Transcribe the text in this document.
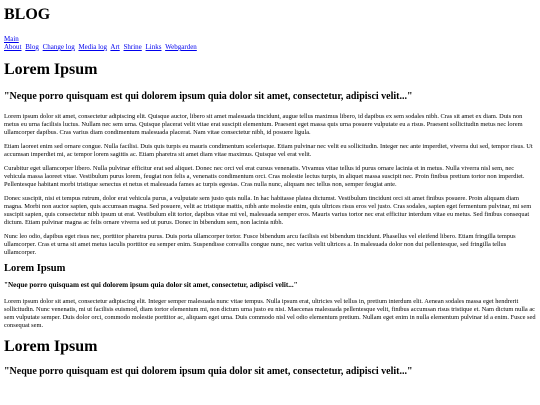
BLOG
Main
About Blog Change log Media log Art Shrine Links Webgarden
Lorem Ipsum
"Neque porro quisquam est qui dolorem ipsum quia dolor sit amet, consectetur, adipisci velit..."

Lorem ipsum dolor sit amet, consectetur adipiscing elit. Quisque auctor, libero sit amet malesuada tincidunt, augue tellus maximus libero, id dapibus ex sem sodales nibh. Cras sit amet ex diam. Duis non metus eu urna facilisis luctus. Nullam nec sem urna. Quisque placerat velit vitae erat suscipit elementum. Praesent eget massa quis urna posuere vulputate eu a risus. Praesent sollicitudin metus nec lorem ullamcorper dapibus. Cras varius diam condimentum malesuada placerat. Nam vitae consectetur nibh, id posuere ligula.

Etiam laoreet enim sed ornare congue. Nulla facilisi. Duis quis turpis eu mauris condimentum scelerisque. Etiam pulvinar nec velit eu sollicitudin. Integer nec ante imperdiet, viverra dui sed, tempor risus. Ut accumsan imperdiet mi, ac tempor lorem sagittis ac. Etiam pharetra sit amet diam vitae maximus. Quisque vel erat velit.

Curabitur eget ullamcorper libero. Nulla pulvinar efficitur erat sed aliquet. Donec nec orci vel erat cursus venenatis. Vivamus vitae tellus id purus ornare lacinia et in metus. Nulla viverra nisl sem, nec vehicula massa laoreet vitae. Vestibulum purus lorem, feugiat non felis a, venenatis condimentum orci. Cras molestie lectus turpis, in aliquet massa suscipit nec. Proin finibus pretium tortor non imperdiet. Pellentesque habitant morbi tristique senectus et netus et malesuada fames ac turpis egestas. Cras nulla nunc, aliquam nec tellus non, semper feugiat ante.

Donec suscipit, nisi et tempus rutrum, dolor erat vehicula purus, a vulputate sem justo quis nulla. In hac habitasse platea dictumst. Vestibulum tincidunt orci sit amet finibus posuere. Proin aliquam diam magna. Morbi non auctor sapien, quis accumsan magna. Sed posuere, velit ac tristique mattis, nibh ante molestie enim, quis ultrices risus eros vel justo. Cras sodales, sapien eget fermentum pulvinar, mi sem suscipit sapien, quis consectetur nibh ipsum ut erat. Vestibulum elit tortor, dapibus vitae mi vel, malesuada semper eros. Mauris varius tortor nec erat efficitur interdum vitae eu metus. Sed finibus consequat dictum. Etiam pulvinar magna ac felis ornare viverra sed ut purus. Donec in bibendum sem, non lacinia nibh.

Nunc leo odio, dapibus eget risus nec, porttitor pharetra purus. Duis porta ullamcorper tortor. Fusce bibendum arcu facilisis est bibendum tincidunt. Phasellus vel eleifend libero. Etiam fringilla tempus ullamcorper. Cras et urna sit amet metus iaculis porttitor eu semper enim. Suspendisse convallis congue nunc, nec varius velit ultrices a. In malesuada dolor non dui pellentesque, sed fringilla tellus ullamcorper.

Lorem Ipsum
"Neque porro quisquam est qui dolorem ipsum quia dolor sit amet, consectetur, adipisci velit..."

Lorem ipsum dolor sit amet, consectetur adipiscing elit. Integer semper malesuada nunc vitae tempus. Nulla ipsum erat, ultricies vel tellus in, pretium interdum elit. Aenean sodales massa eget hendrerit sollicitudin. Nunc venenatis, mi ut facilisis euismod, diam tortor elementum mi, non dictum urna justo eu nisi. Maecenas malesuada pellentesque velit, finibus accumsan risus tristique et. Nam dictum nulla ac sem vulputate semper. Duis dolor orci, commodo molestie porttitor ac, aliquam eget urna. Duis commodo nisl vel odio elementum pretium. Nullam eget enim in nulla elementum pulvinar id a enim. Fusce sed consequat sem.

Lorem Ipsum
"Neque porro quisquam est qui dolorem ipsum quia dolor sit amet, consectetur, adipisci velit..."
